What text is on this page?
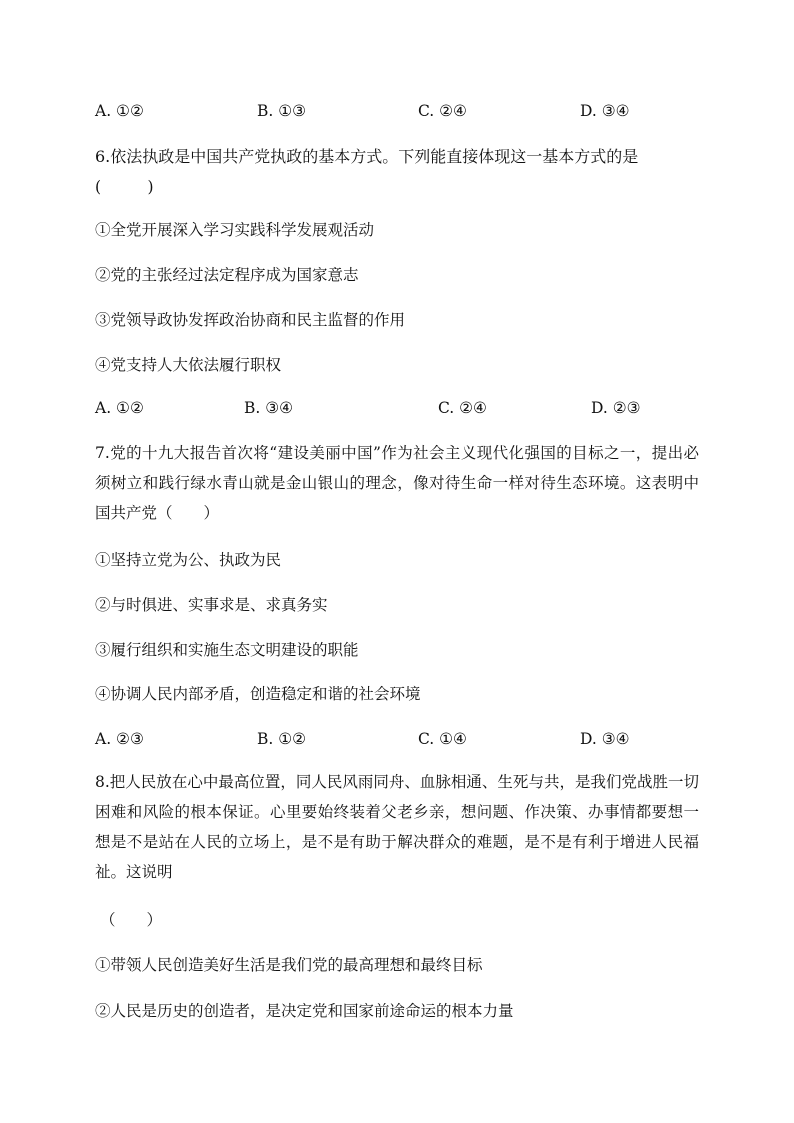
A. ①②	B. ①③	C. ②④	D. ③④
6.依法执政是中国共产党执政的基本方式。下列能直接体现这一基本方式的是
(　　　)
①全党开展深入学习实践科学发展观活动
②党的主张经过法定程序成为国家意志
③党领导政协发挥政治协商和民主监督的作用
④党支持人大依法履行职权
A. ①②	B. ③④	C. ②④	D. ②③
7.党的十九大报告首次将“建设美丽中国”作为社会主义现代化强国的目标之一，提出必须树立和践行绿水青山就是金山银山的理念，像对待生命一样对待生态环境。这表明中国共产党（　　）
①坚持立党为公、执政为民
②与时俱进、实事求是、求真务实
③履行组织和实施生态文明建设的职能
④协调人民内部矛盾，创造稳定和谐的社会环境
A. ②③	B. ①②	C. ①④	D. ③④
8.把人民放在心中最高位置，同人民风雨同舟、血脉相通、生死与共，是我们党战胜一切困难和风险的根本保证。心里要始终装着父老乡亲，想问题、作决策、办事情都要想一想是不是站在人民的立场上，是不是有助于解决群众的难题，是不是有利于增进人民福祉。这说明
（　　）
①带领人民创造美好生活是我们党的最高理想和最终目标
②人民是历史的创造者，是决定党和国家前途命运的根本力量
